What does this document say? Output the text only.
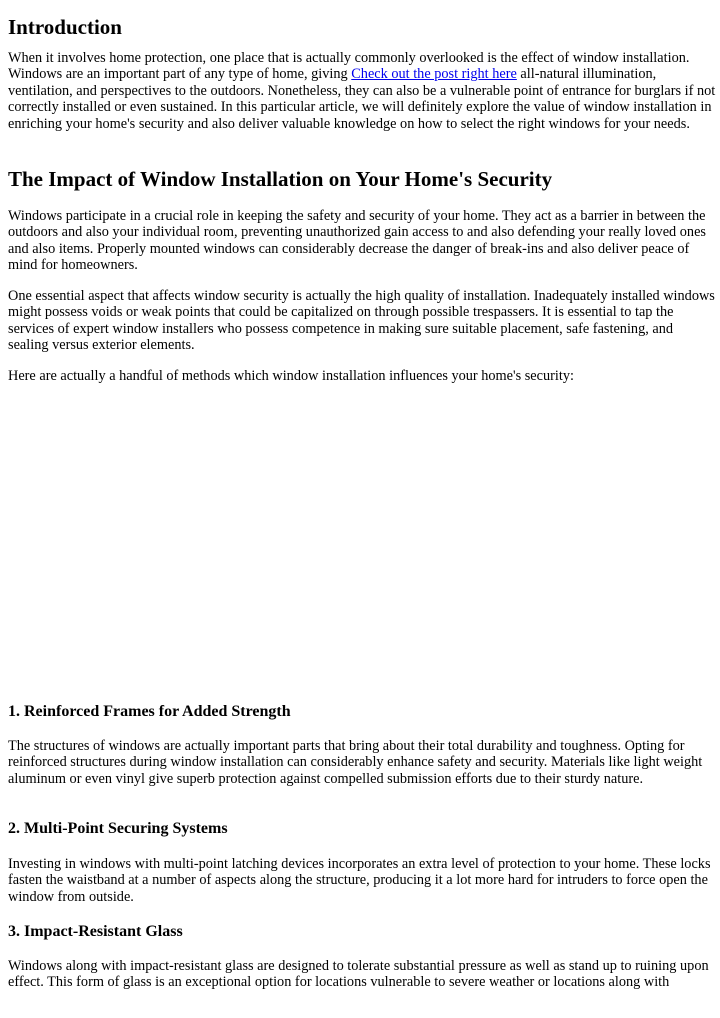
Introduction

When it involves home protection, one place that is actually commonly overlooked is the effect of window installation. Windows are an important part of any type of home, giving Check out the post right here all-natural illumination, ventilation, and perspectives to the outdoors. Nonetheless, they can also be a vulnerable point of entrance for burglars if not correctly installed or even sustained. In this particular article, we will definitely explore the value of window installation in enriching your home's security and also deliver valuable knowledge on how to select the right windows for your needs.

The Impact of Window Installation on Your Home's Security

Windows participate in a crucial role in keeping the safety and security of your home. They act as a barrier in between the outdoors and also your individual room, preventing unauthorized gain access to and also defending your really loved ones and also items. Properly mounted windows can considerably decrease the danger of break-ins and also deliver peace of mind for homeowners.

One essential aspect that affects window security is actually the high quality of installation. Inadequately installed windows might possess voids or weak points that could be capitalized on through possible trespassers. It is essential to tap the services of expert window installers who possess competence in making sure suitable placement, safe fastening, and sealing versus exterior elements.

Here are actually a handful of methods which window installation influences your home's security:

1. Reinforced Frames for Added Strength

The structures of windows are actually important parts that bring about their total durability and toughness. Opting for reinforced structures during window installation can considerably enhance safety and security. Materials like light weight aluminum or even vinyl give superb protection against compelled submission efforts due to their sturdy nature.

2. Multi-Point Securing Systems

Investing in windows with multi-point latching devices incorporates an extra level of protection to your home. These locks fasten the waistband at a number of aspects along the structure, producing it a lot more hard for intruders to force open the window from outside.

3. Impact-Resistant Glass

Windows along with impact-resistant glass are designed to tolerate substantial pressure as well as stand up to ruining upon effect. This form of glass is an exceptional option for locations vulnerable to severe weather or locations along with
